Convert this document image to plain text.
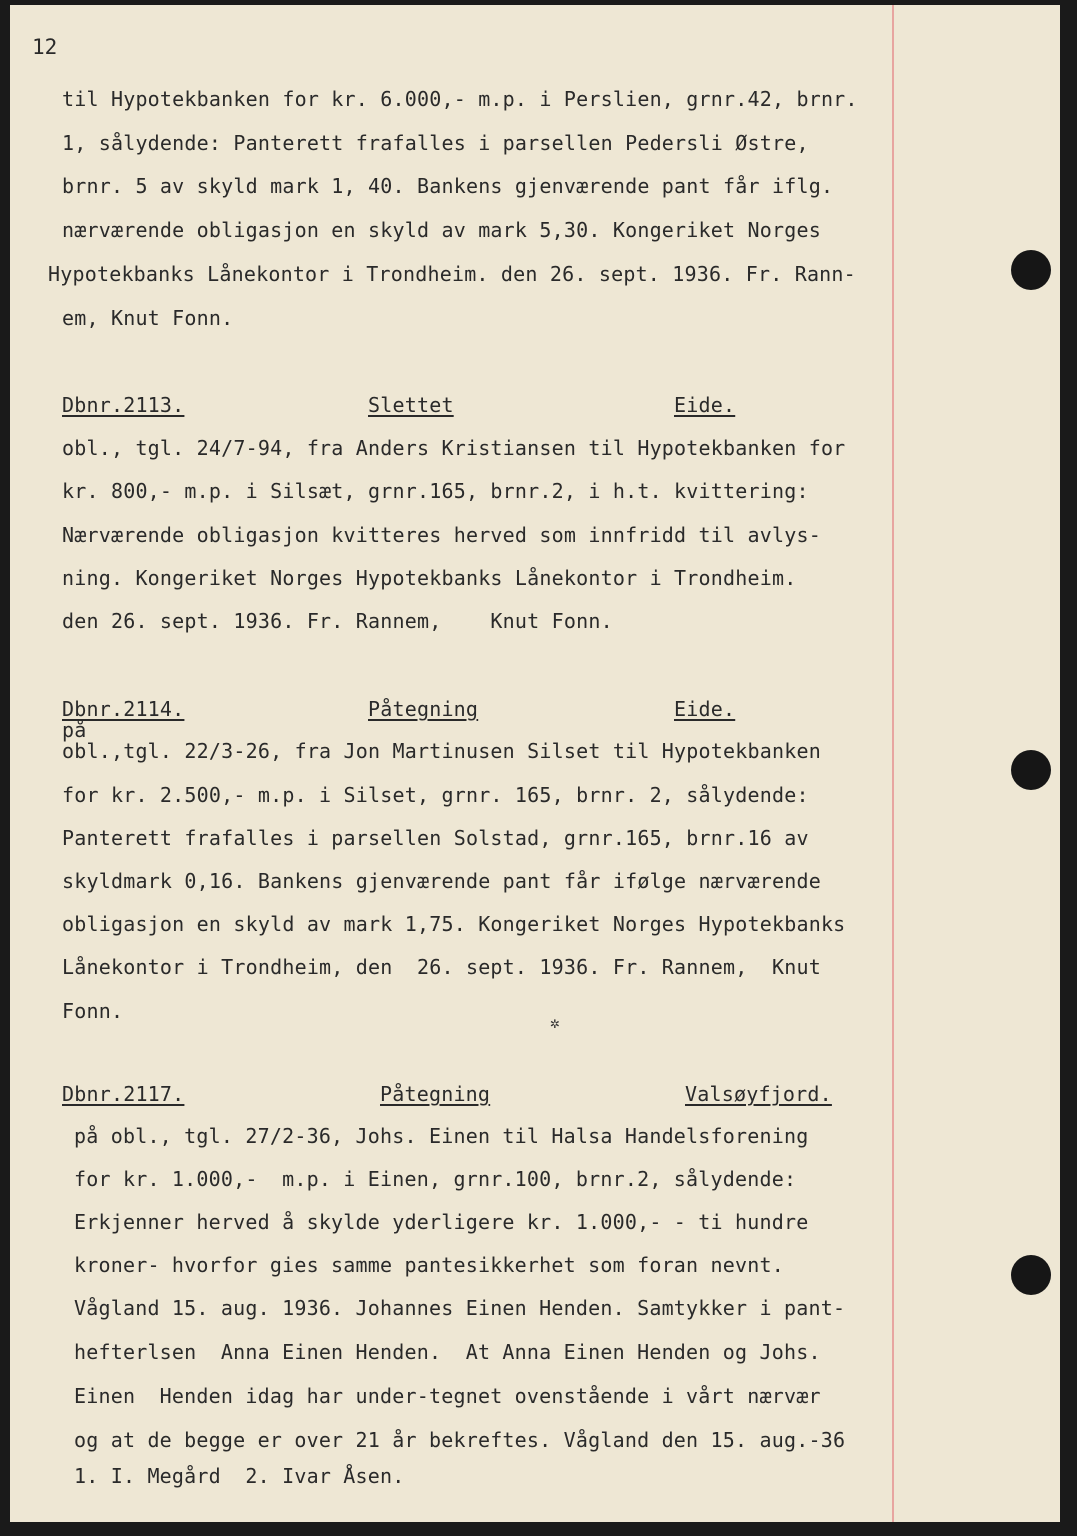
12
til Hypotekbanken for kr. 6.000,- m.p. i Perslien, grnr.42, brnr.
1, sålydende: Panterett frafalles i parsellen Pedersli Østre,
brnr. 5 av skyld mark 1, 40. Bankens gjenværende pant får iflg.
nærværende obligasjon en skyld av mark 5,30. Kongeriket Norges
Hypotekbanks Lånekontor i Trondheim. den 26. sept. 1936. Fr. Rann-
em, Knut Fonn.
Dbnr.2113.	Slettet	Eide.
obl., tgl. 24/7-94, fra Anders Kristiansen til Hypotekbanken for
kr. 800,- m.p. i Silsæt, grnr.165, brnr.2, i h.t. kvittering:
Nærværende obligasjon kvitteres herved som innfridd til avlys-
ning. Kongeriket Norges Hypotekbanks Lånekontor i Trondheim.
den 26. sept. 1936. Fr. Rannem,    Knut Fonn.
Dbnr.2114.	Påtegning	Eide.
på
obl.,tgl. 22/3-26, fra Jon Martinusen Silset til Hypotekbanken
for kr. 2.500,- m.p. i Silset, grnr. 165, brnr. 2, sålydende:
Panterett frafalles i parsellen Solstad, grnr.165, brnr.16 av
skyldmark 0,16. Bankens gjenværende pant får ifølge nærværende
obligasjon en skyld av mark 1,75. Kongeriket Norges Hypotekbanks
Lånekontor i Trondheim, den  26. sept. 1936. Fr. Rannem,  Knut
Fonn.	✲
Dbnr.2117.	Påtegning	Valsøyfjord.
på obl., tgl. 27/2-36, Johs. Einen til Halsa Handelsforening
for kr. 1.000,-  m.p. i Einen, grnr.100, brnr.2, sålydende:
Erkjenner herved å skylde yderligere kr. 1.000,- - ti hundre
kroner- hvorfor gies samme pantesikkerhet som foran nevnt.
Vågland 15. aug. 1936. Johannes Einen Henden. Samtykker i pant-
hefterlsen  Anna Einen Henden.  At Anna Einen Henden og Johs.
Einen  Henden idag har under-tegnet ovenstående i vårt nærvær
og at de begge er over 21 år bekreftes. Vågland den 15. aug.-36
1. I. Megård  2. Ivar Åsen.
